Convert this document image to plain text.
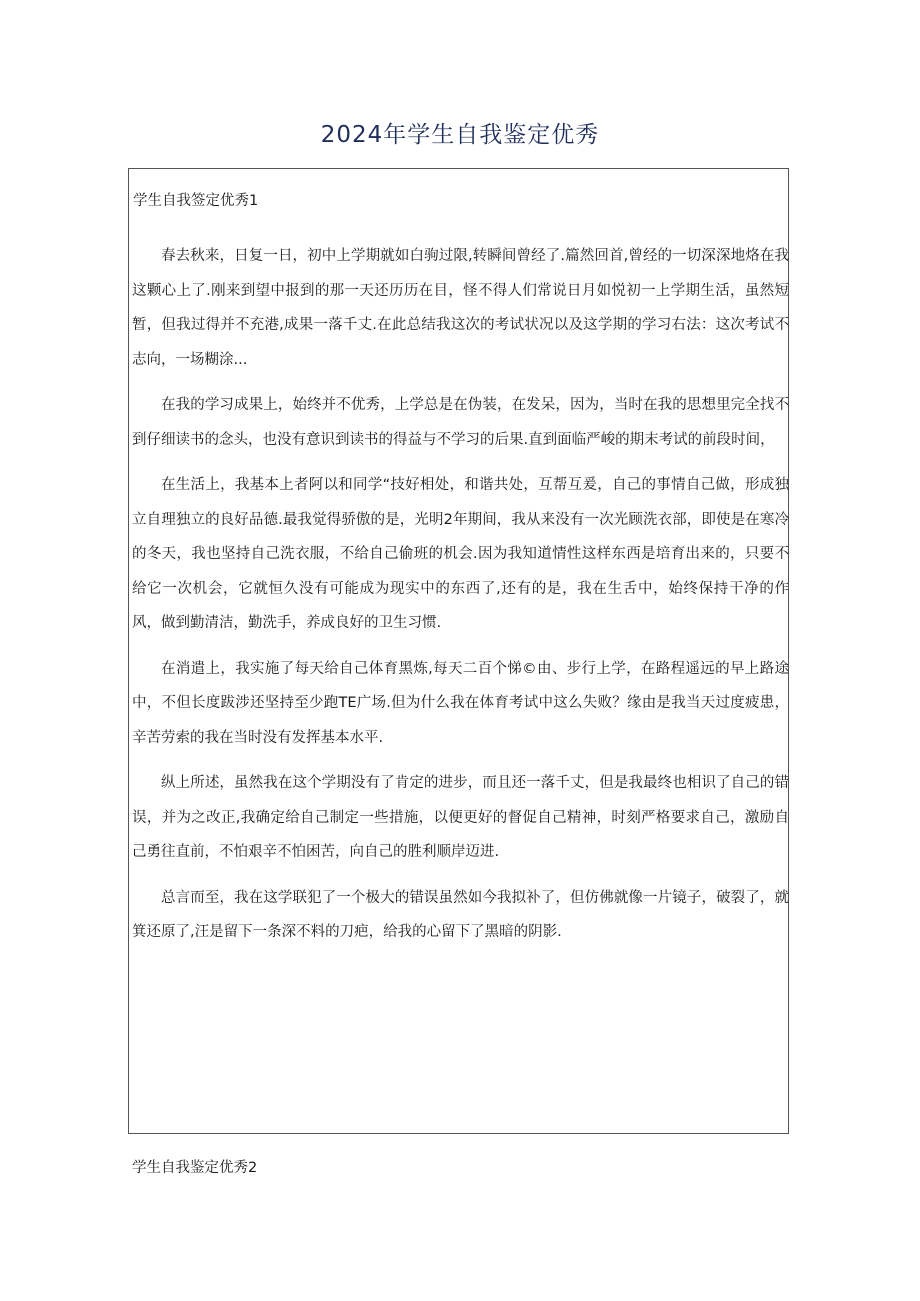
2024年学生自我鉴定优秀
学生自我签定优秀1

春去秋来，日复一日，初中上学期就如白驹过限,转瞬间曾经了.篇然回首,曾经的一切深深地烙在我这颗心上了.刚来到望中报到的那一天还历历在目，怪不得人们常说日月如悦初一上学期生活，虽然短暂，但我过得并不充港,成果一落千丈.在此总结我这次的考试状况以及这学期的学习右法：这次考试不志向，一场糊涂...

在我的学习成果上，始终并不优秀，上学总是在伪装，在发呆，因为，当时在我的思想里完全找不到仔细读书的念头，也没有意识到读书的得益与不学习的后果.直到面临严峻的期末考试的前段时间，

在生活上，我基本上者阿以和同学“技好相处，和谐共处，互帮互爰，自己的事情自己做，形成独立自理独立的良好品德.最我觉得骄傲的是，光明2年期间，我从来没有一次光顾洗衣部，即使是在寒冷的冬天，我也坚持自己洗衣服，不给自己偷班的机会.因为我知道情性这样东西是培育出来的，只要不给它一次机会，它就恒久没有可能成为现实中的东西了,还有的是，我在生舌中，始终保持干净的作风，做到勤清洁，勤洗手，养成良好的卫生习惯.

在消遣上，我实施了每天给自己体育黑炼,每天二百个悌©由、步行上学，在路程遥远的早上路途中，不但长度跋涉还坚持至少跑TE广场.但为什么我在体育考试中这么失败？缘由是我当天过度疲患，辛苦劳索的我在当时没有发挥基本水平.

纵上所述，虽然我在这个学期没有了肯定的进步，而且还一落千丈，但是我最终也相识了自己的错误，并为之改正,我确定给自己制定一些措施，以便更好的督促自己精神，时刻严格要求自己，激励自己勇往直前，不怕艰辛不怕困苦，向自己的胜利顺岸迈进.

总言而至，我在这学联犯了一个极大的错误虽然如今我拟补了，但仿佛就像一片镜子，破裂了，就箕还原了,汪是留下一条深不料的刀疤，给我的心留下了黑暗的阴影.

学生自我鉴定优秀2
